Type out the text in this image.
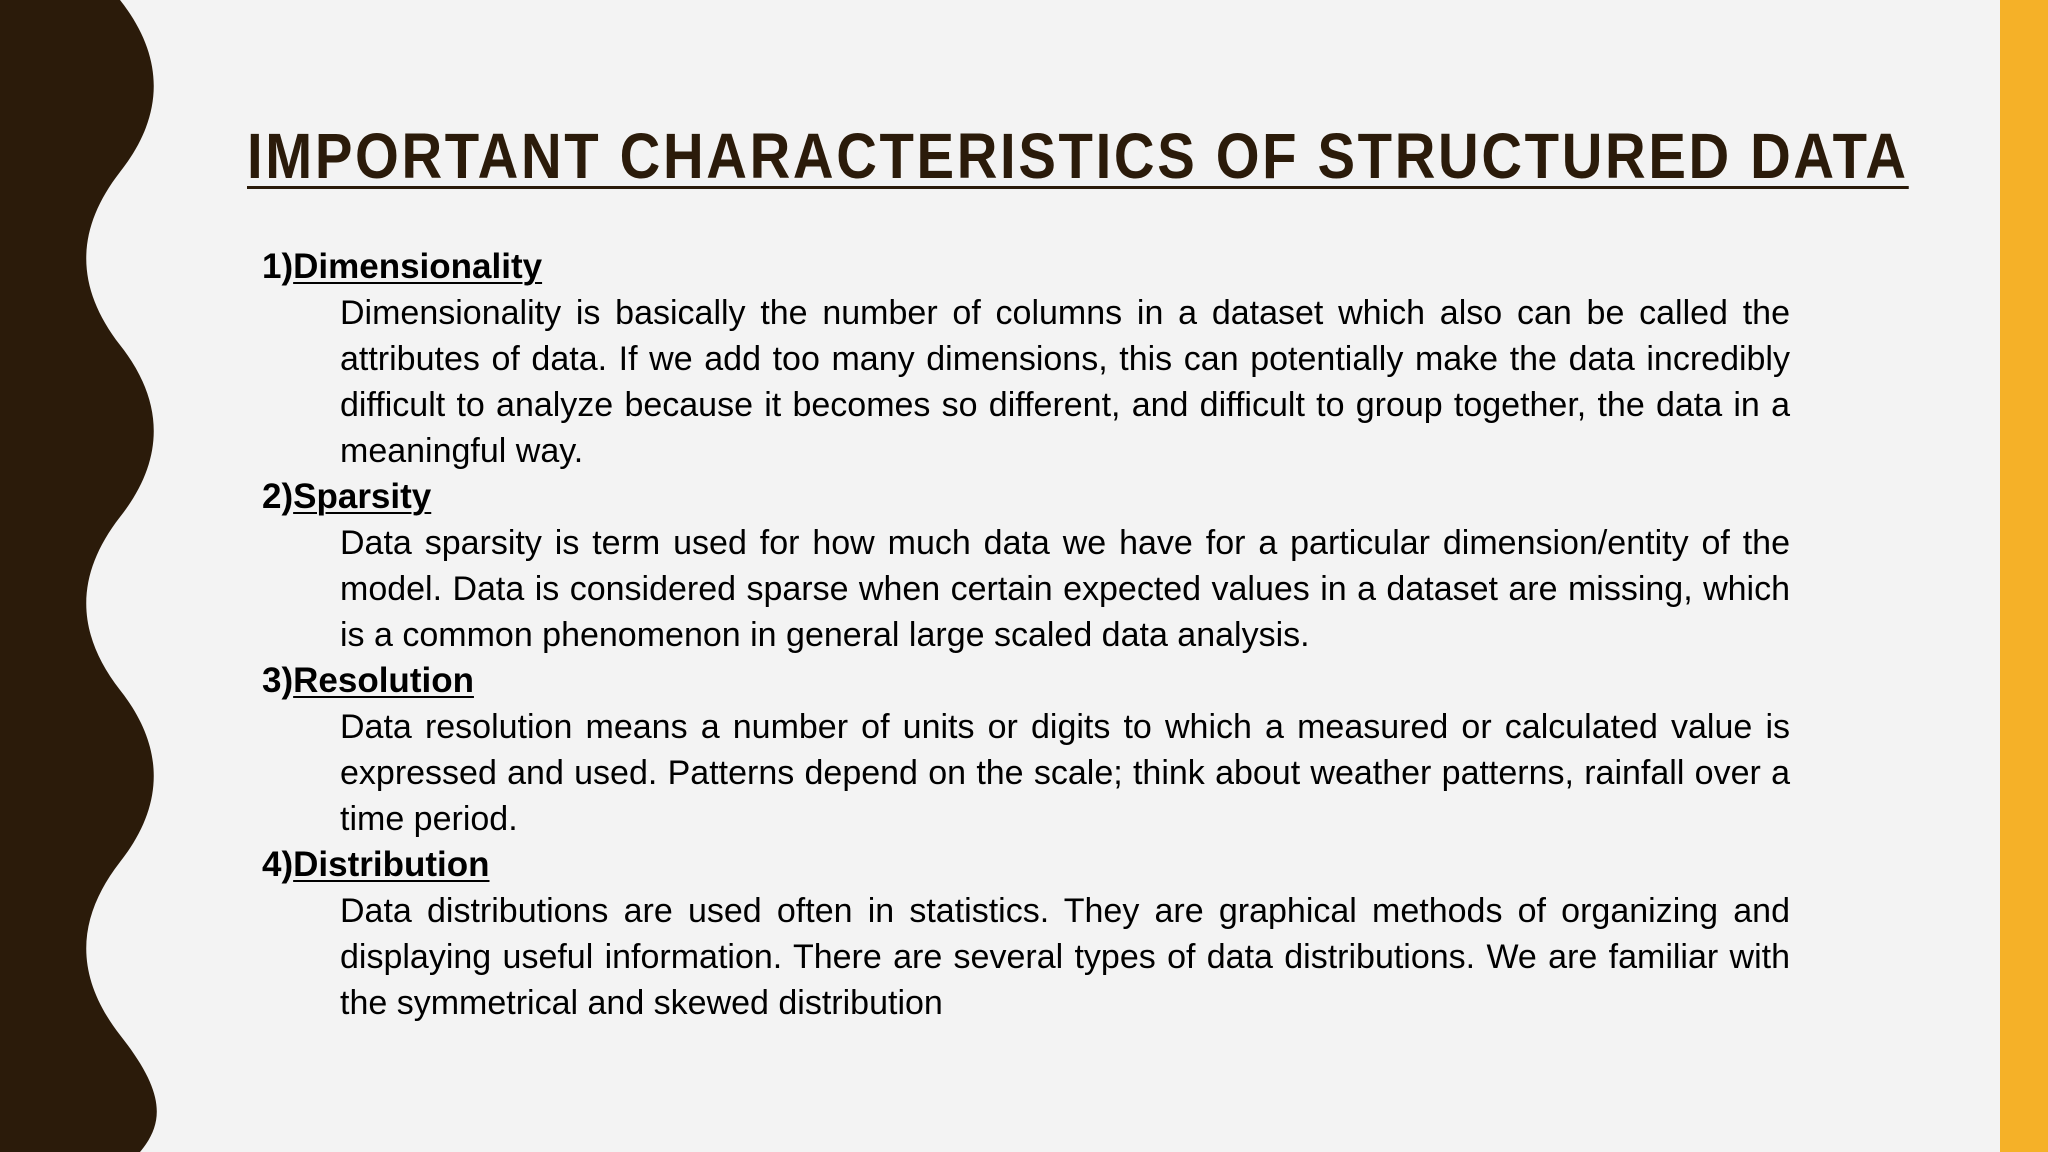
IMPORTANT CHARACTERISTICS OF STRUCTURED DATA

1)Dimensionality

Dimensionality is basically the number of columns in a dataset which also can be called the attributes of data. If we add too many dimensions, this can potentially make the data incredibly difficult to analyze because it becomes so different, and difficult to group together, the data in a meaningful way.

2)Sparsity

Data sparsity is term used for how much data we have for a particular dimension/entity of the model. Data is considered sparse when certain expected values in a dataset are missing, which is a common phenomenon in general large scaled data analysis.

3)Resolution

Data resolution means a number of units or digits to which a measured or calculated value is expressed and used. Patterns depend on the scale; think about weather patterns, rainfall over a time period.

4)Distribution

Data distributions are used often in statistics. They are graphical methods of organizing and displaying useful information. There are several types of data distributions. We are familiar with the symmetrical and skewed distribution
